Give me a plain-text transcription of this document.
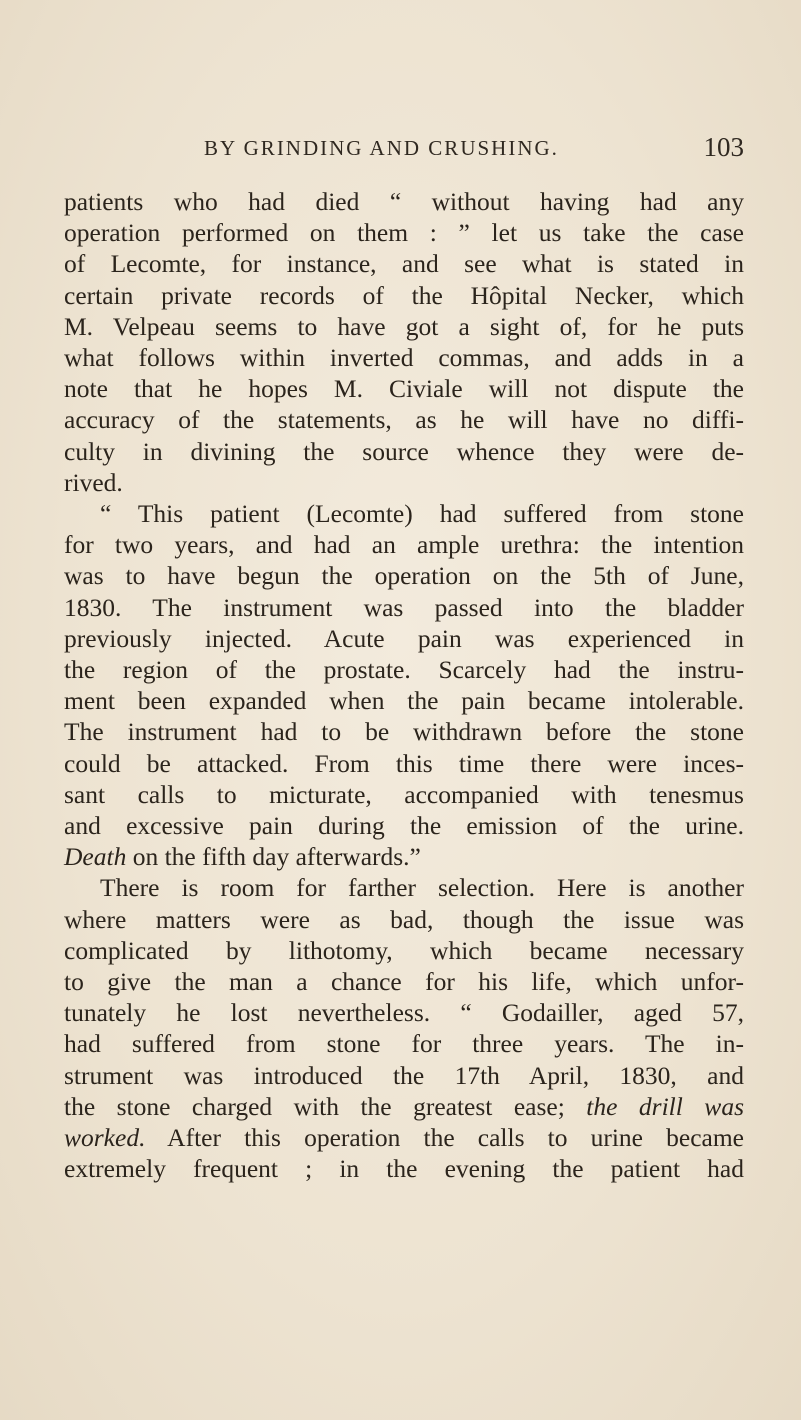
BY GRINDING AND CRUSHING.	103
patients who had died “ without having had any
operation performed on them : ” let us take the case
of Lecomte, for instance, and see what is stated in
certain private records of the Hôpital Necker, which
M. Velpeau seems to have got a sight of, for he puts
what follows within inverted commas, and adds in a
note that he hopes M. Civiale will not dispute the
accuracy of the statements, as he will have no diffi-
culty in divining the source whence they were de-
rived.
“ This patient (Lecomte) had suffered from stone
for two years, and had an ample urethra: the intention
was to have begun the operation on the 5th of June,
1830. The instrument was passed into the bladder
previously injected. Acute pain was experienced in
the region of the prostate. Scarcely had the instru-
ment been expanded when the pain became intolerable.
The instrument had to be withdrawn before the stone
could be attacked. From this time there were inces-
sant calls to micturate, accompanied with tenesmus
and excessive pain during the emission of the urine.
Death on the fifth day afterwards.”
There is room for farther selection. Here is another
where matters were as bad, though the issue was
complicated by lithotomy, which became necessary
to give the man a chance for his life, which unfor-
tunately he lost nevertheless. “ Godailler, aged 57,
had suffered from stone for three years. The in-
strument was introduced the 17th April, 1830, and
the stone charged with the greatest ease; the drill was
worked. After this operation the calls to urine became
extremely frequent ; in the evening the patient had
